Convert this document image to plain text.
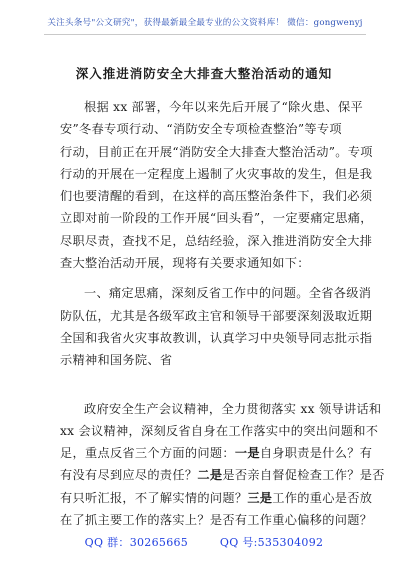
关注头条号"公文研究"，获得最新最全最专业的公文资料库！ 微信：gongwenyj
深入推进消防安全大排查大整治活动的通知

根据 xx 部署，今年以来先后开展了“除火患、保平
安”冬春专项行动、“消防安全专项检查整治”等专项
行动，目前正在开展“消防安全大排查大整治活动”。专项
行动的开展在一定程度上遏制了火灾事故的发生，但是我
们也要清醒的看到，在这样的高压整治条件下，我们必须
立即对前一阶段的工作开展“回头看”，一定要痛定思痛，
尽职尽责，查找不足，总结经验，深入推进消防安全大排
查大整治活动开展，现将有关要求通知如下：

一、痛定思痛，深刻反省工作中的问题。全省各级消
防队伍，尤其是各级军政主官和领导干部要深刻汲取近期
全国和我省火灾事故教训，认真学习中央领导同志批示指
示精神和国务院、省

政府安全生产会议精神，全力贯彻落实 xx 领导讲话和
xx 会议精神，深刻反省自身在工作落实中的突出问题和不
足，重点反省三个方面的问题：一是自身职责是什么？有
有没有尽到应尽的责任？二是是否亲自督促检查工作？是否
有只听汇报，不了解实情的问题？三是工作的重心是否放
在了抓主要工作的落实上？是否有工作重心偏移的问题？

QQ 群：30265665	QQ 号:535304092
